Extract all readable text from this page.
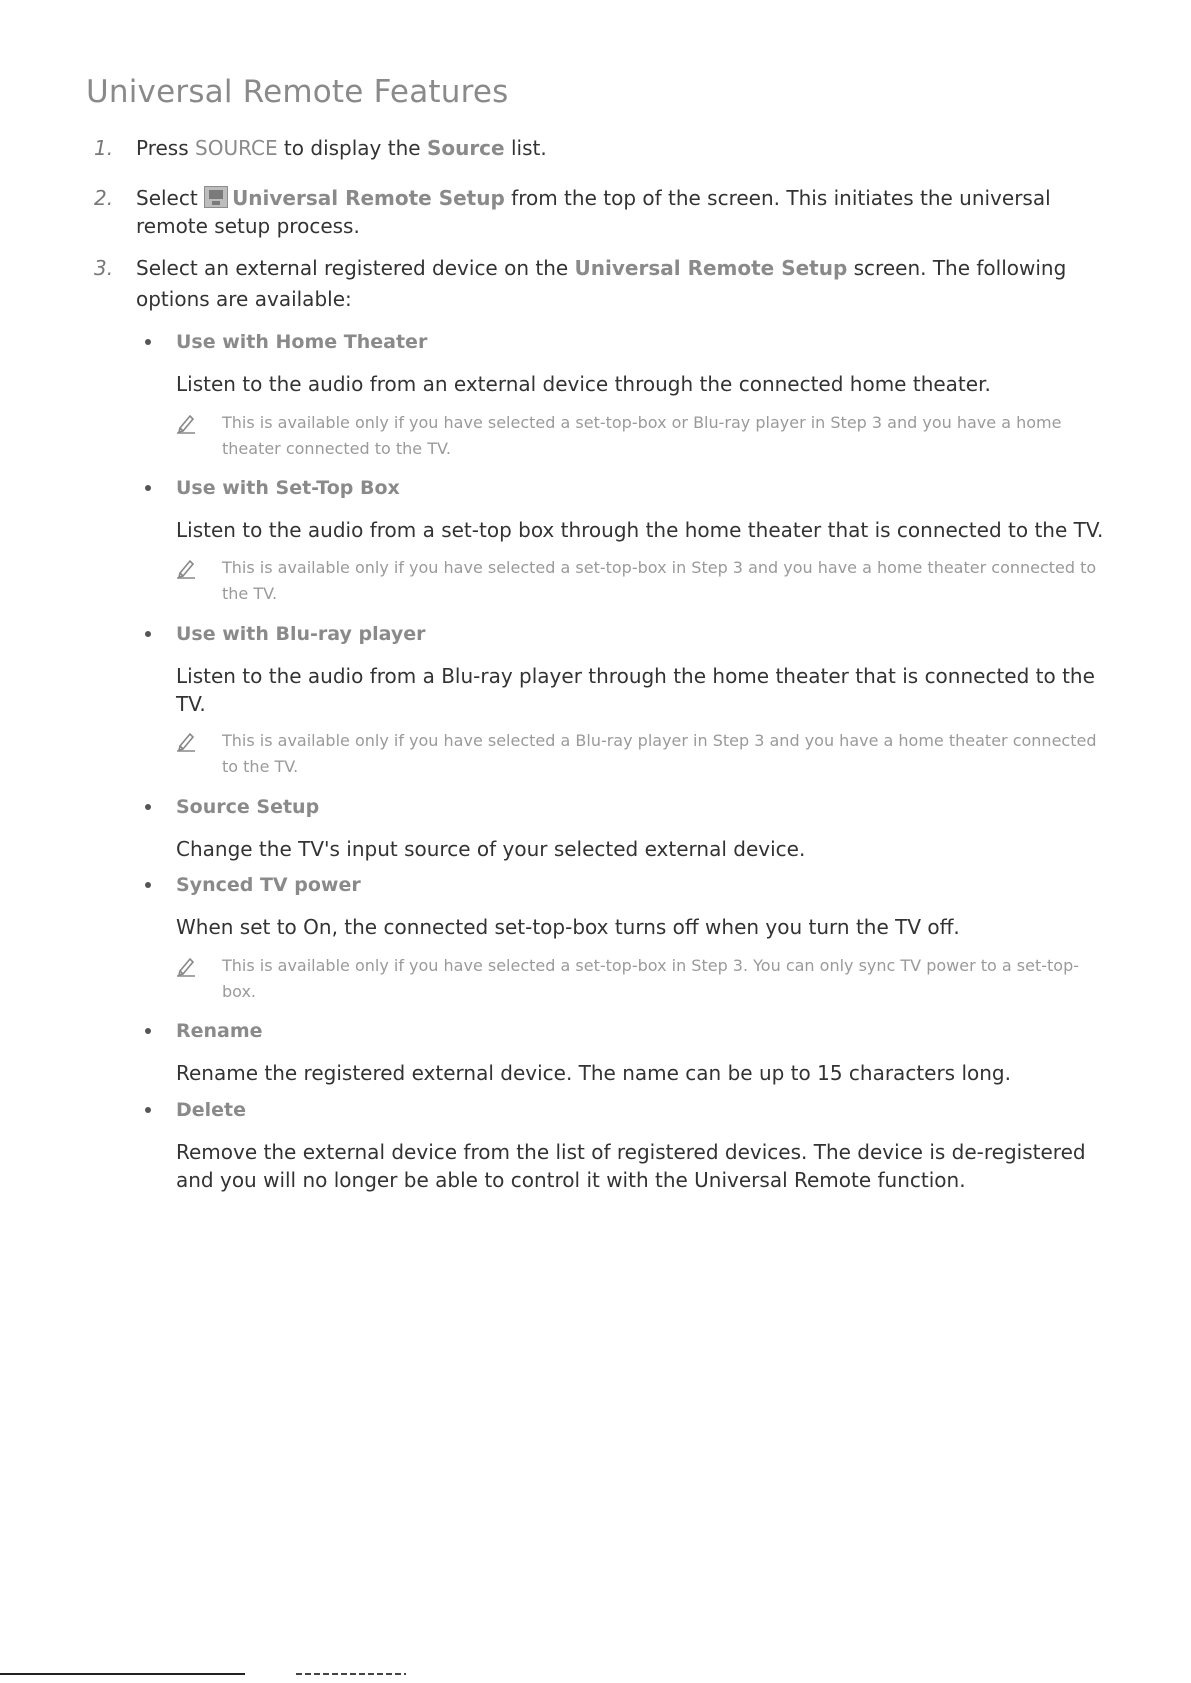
Universal Remote Features
1. Press SOURCE to display the Source list.
2. Select Universal Remote Setup from the top of the screen. This initiates the universal remote setup process.
3. Select an external registered device on the Universal Remote Setup screen. The following options are available:
Use with Home Theater
Listen to the audio from an external device through the connected home theater.
This is available only if you have selected a set-top-box or Blu-ray player in Step 3 and you have a home theater connected to the TV.
Use with Set-Top Box
Listen to the audio from a set-top box through the home theater that is connected to the TV.
This is available only if you have selected a set-top-box in Step 3 and you have a home theater connected to the TV.
Use with Blu-ray player
Listen to the audio from a Blu-ray player through the home theater that is connected to the TV.
This is available only if you have selected a Blu-ray player in Step 3 and you have a home theater connected to the TV.
Source Setup
Change the TV's input source of your selected external device.
Synced TV power
When set to On, the connected set-top-box turns off when you turn the TV off.
This is available only if you have selected a set-top-box in Step 3. You can only sync TV power to a set-top-box.
Rename
Rename the registered external device. The name can be up to 15 characters long.
Delete
Remove the external device from the list of registered devices. The device is de-registered and you will no longer be able to control it with the Universal Remote function.
